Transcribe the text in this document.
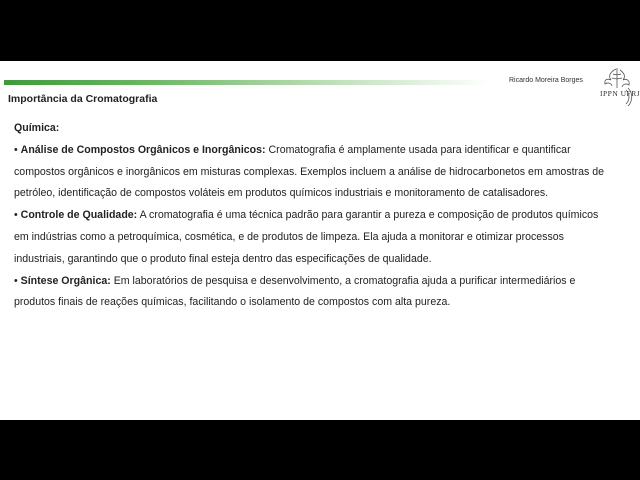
Ricardo Moreira Borges
IPPN UFRJ
Importância da Cromatografia

Química:

• Análise de Compostos Orgânicos e Inorgânicos: Cromatografia é amplamente usada para identificar e quantificar compostos orgânicos e inorgânicos em misturas complexas. Exemplos incluem a análise de hidrocarbonetos em amostras de petróleo, identificação de compostos voláteis em produtos químicos industriais e monitoramento de catalisadores.

• Controle de Qualidade: A cromatografia é uma técnica padrão para garantir a pureza e composição de produtos químicos em indústrias como a petroquímica, cosmética, e de produtos de limpeza. Ela ajuda a monitorar e otimizar processos industriais, garantindo que o produto final esteja dentro das especificações de qualidade.

• Síntese Orgânica: Em laboratórios de pesquisa e desenvolvimento, a cromatografia ajuda a purificar intermediários e produtos finais de reações químicas, facilitando o isolamento de compostos com alta pureza.
